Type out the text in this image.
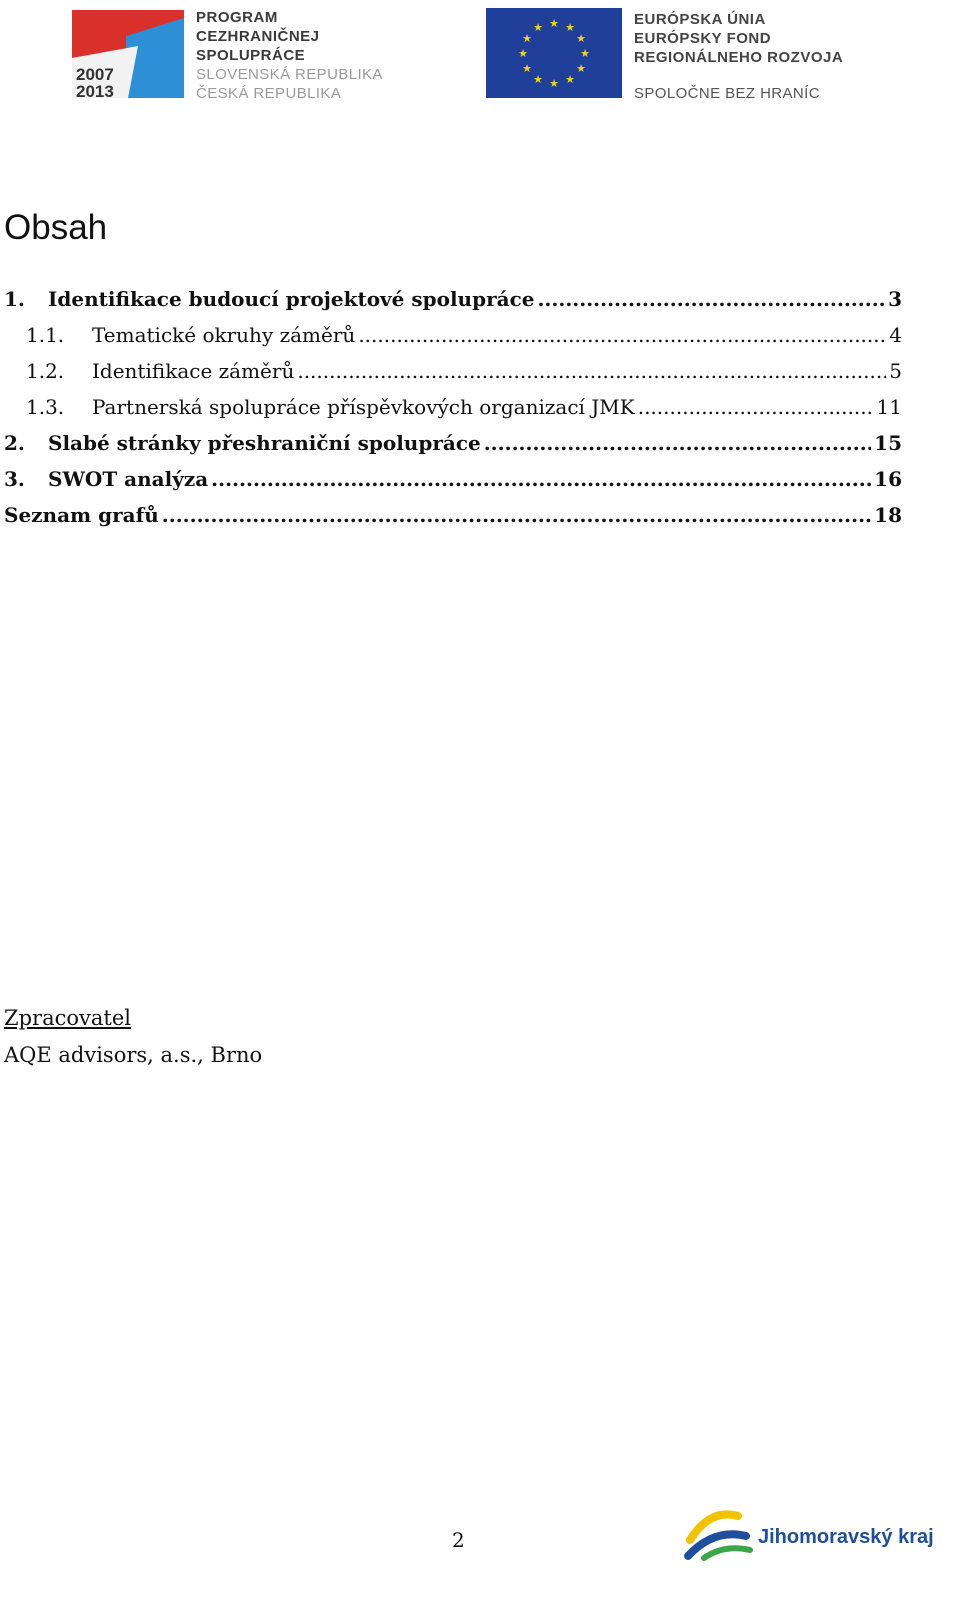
2007
2013
PROGRAM
CEZHRANIČNEJ
SPOLUPRÁCE
SLOVENSKÁ REPUBLIKA
ČESKÁ REPUBLIKA
★ ★
★
★
★
★
★
★
★
★
★
★	EURÓPSKA ÚNIA
EURÓPSKY FOND
REGIONÁLNEHO ROZVOJA
SPOLOČNE BEZ HRANÍC
Obsah
1.	Identifikace budoucí projektové spolupráce .....	3
1.1.	Tematické okruhy záměrů .....	4
1.2.	Identifikace záměrů .....	5
1.3.	Partnerská spolupráce příspěvkových organizací JMK .....	11
2.	Slabé stránky přeshraniční spolupráce .....	15
3.	SWOT analýza .....	16
Seznam grafů .....	18

Zpracovatel

AQE advisors, a.s., Brno

2	Jihomoravský kraj
